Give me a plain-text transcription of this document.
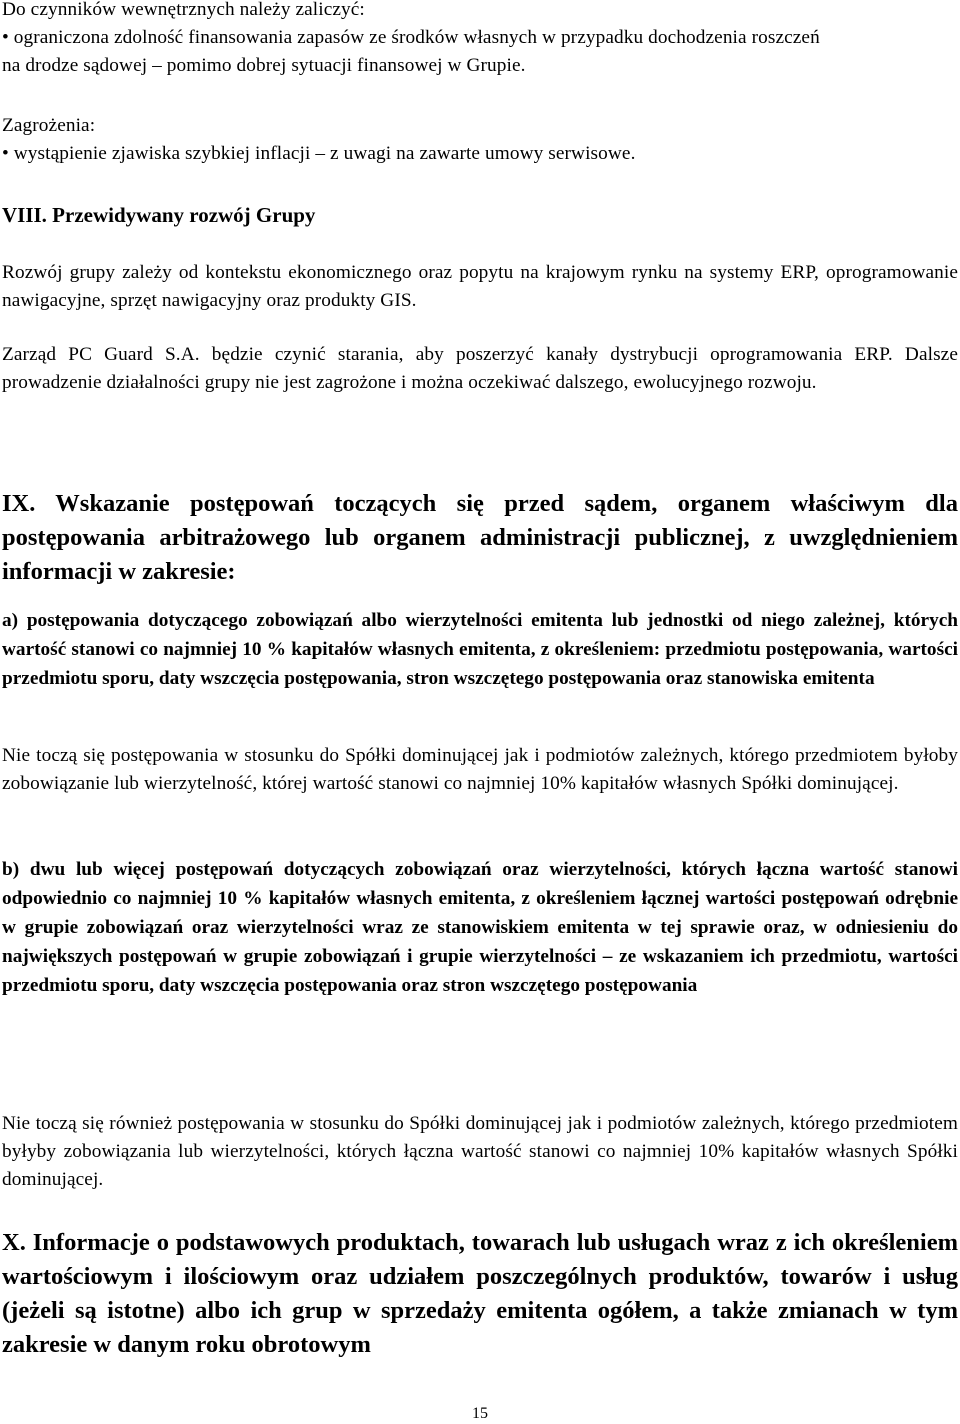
Do czynników wewnętrznych należy zaliczyć:

• ograniczona zdolność finansowania zapasów ze środków własnych w przypadku dochodzenia roszczeń na drodze sądowej – pomimo dobrej sytuacji finansowej w Grupie.

Zagrożenia:

• wystąpienie zjawiska szybkiej inflacji – z uwagi na zawarte umowy serwisowe.

VIII. Przewidywany rozwój Grupy

Rozwój grupy zależy od kontekstu ekonomicznego oraz popytu na krajowym rynku na systemy ERP, oprogramowanie nawigacyjne, sprzęt nawigacyjny oraz produkty GIS.

Zarząd PC Guard S.A. będzie czynić starania, aby poszerzyć kanały dystrybucji oprogramowania ERP. Dalsze prowadzenie działalności grupy nie jest zagrożone i można oczekiwać dalszego, ewolucyjnego rozwoju.

IX. Wskazanie postępowań toczących się przed sądem, organem właściwym dla postępowania arbitrażowego lub organem administracji publicznej, z uwzględnieniem informacji w zakresie:

a) postępowania dotyczącego zobowiązań albo wierzytelności emitenta lub jednostki od niego zależnej, których wartość stanowi co najmniej 10 % kapitałów własnych emitenta, z określeniem: przedmiotu postępowania, wartości przedmiotu sporu, daty wszczęcia postępowania, stron wszczętego postępowania oraz stanowiska emitenta

Nie toczą się postępowania w stosunku do Spółki dominującej jak i podmiotów zależnych, którego przedmiotem byłoby zobowiązanie lub wierzytelność, której wartość stanowi co najmniej 10% kapitałów własnych Spółki dominującej.

b) dwu lub więcej postępowań dotyczących zobowiązań oraz wierzytelności, których łączna wartość stanowi odpowiednio co najmniej 10 % kapitałów własnych emitenta, z określeniem łącznej wartości postępowań odrębnie w grupie zobowiązań oraz wierzytelności wraz ze stanowiskiem emitenta w tej sprawie oraz, w odniesieniu do największych postępowań w grupie zobowiązań i grupie wierzytelności – ze wskazaniem ich przedmiotu, wartości przedmiotu sporu, daty wszczęcia postępowania oraz stron wszczętego postępowania

Nie toczą się również postępowania w stosunku do Spółki dominującej jak i podmiotów zależnych, którego przedmiotem byłyby zobowiązania lub wierzytelności, których łączna wartość stanowi co najmniej 10% kapitałów własnych Spółki dominującej.

X. Informacje o podstawowych produktach, towarach lub usługach wraz z ich określeniem wartościowym i ilościowym oraz udziałem poszczególnych produktów, towarów i usług (jeżeli są istotne) albo ich grup w sprzedaży emitenta ogółem, a także zmianach w tym zakresie w danym roku obrotowym

15
